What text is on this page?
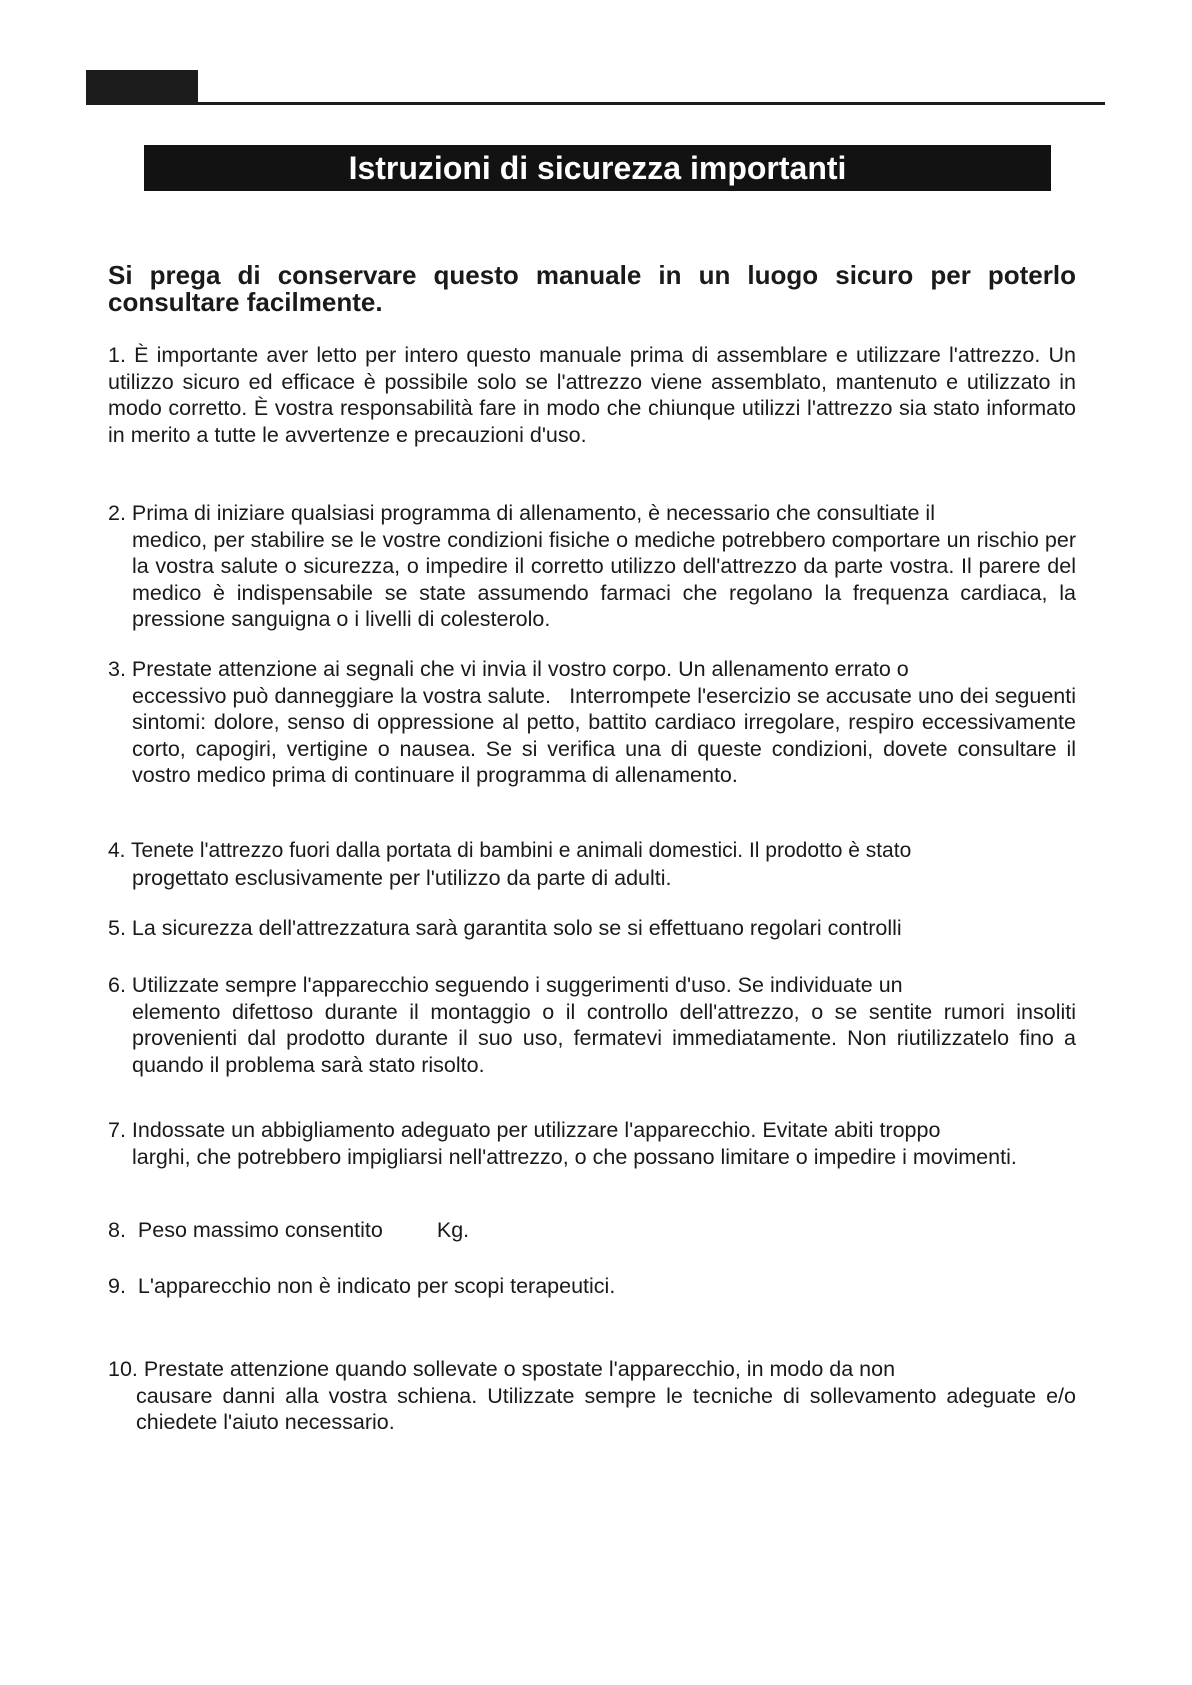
Istruzioni di sicurezza importanti
Si prega di conservare questo manuale in un luogo sicuro per poterlo consultare facilmente.

1. È importante aver letto per intero questo manuale prima di assemblare e utilizzare l'attrezzo. Un utilizzo sicuro ed efficace è possibile solo se l'attrezzo viene assemblato, mantenuto e utilizzato in modo corretto. È vostra responsabilità fare in modo che chiunque utilizzi l'attrezzo sia stato informato in merito a tutte le avvertenze e precauzioni d'uso.

2. Prima di iniziare qualsiasi programma di allenamento, è necessario che consultiate il

medico, per stabilire se le vostre condizioni fisiche o mediche potrebbero comportare un rischio per la vostra salute o sicurezza, o impedire il corretto utilizzo dell'attrezzo da parte vostra. Il parere del medico è indispensabile se state assumendo farmaci che regolano la frequenza cardiaca, la pressione sanguigna o i livelli di colesterolo.

3. Prestate attenzione ai segnali che vi invia il vostro corpo. Un allenamento errato o

eccessivo può danneggiare la vostra salute.   Interrompete l'esercizio se accusate uno dei seguenti sintomi: dolore, senso di oppressione al petto, battito cardiaco irregolare, respiro eccessivamente corto, capogiri, vertigine o nausea. Se si verifica una di queste condizioni, dovete consultare il vostro medico prima di continuare il programma di allenamento.

4. Tenete l'attrezzo fuori dalla portata di bambini e animali domestici. Il prodotto è stato

progettato esclusivamente per l'utilizzo da parte di adulti.

5. La sicurezza dell'attrezzatura sarà garantita solo se si effettuano regolari controlli

6. Utilizzate sempre l'apparecchio seguendo i suggerimenti d'uso. Se individuate un

elemento difettoso durante il montaggio o il controllo dell'attrezzo, o se sentite rumori insoliti provenienti dal prodotto durante il suo uso, fermatevi immediatamente. Non riutilizzatelo fino a quando il problema sarà stato risolto.

7. Indossate un abbigliamento adeguato per utilizzare l'apparecchio. Evitate abiti troppo

larghi, che potrebbero impigliarsi nell'attrezzo, o che possano limitare o impedire i movimenti.

8. Peso massimo consentito	Kg.

9. L'apparecchio non è indicato per scopi terapeutici.

10. Prestate attenzione quando sollevate o spostate l'apparecchio, in modo da non

causare danni alla vostra schiena. Utilizzate sempre le tecniche di sollevamento adeguate e/o chiedete l'aiuto necessario.
